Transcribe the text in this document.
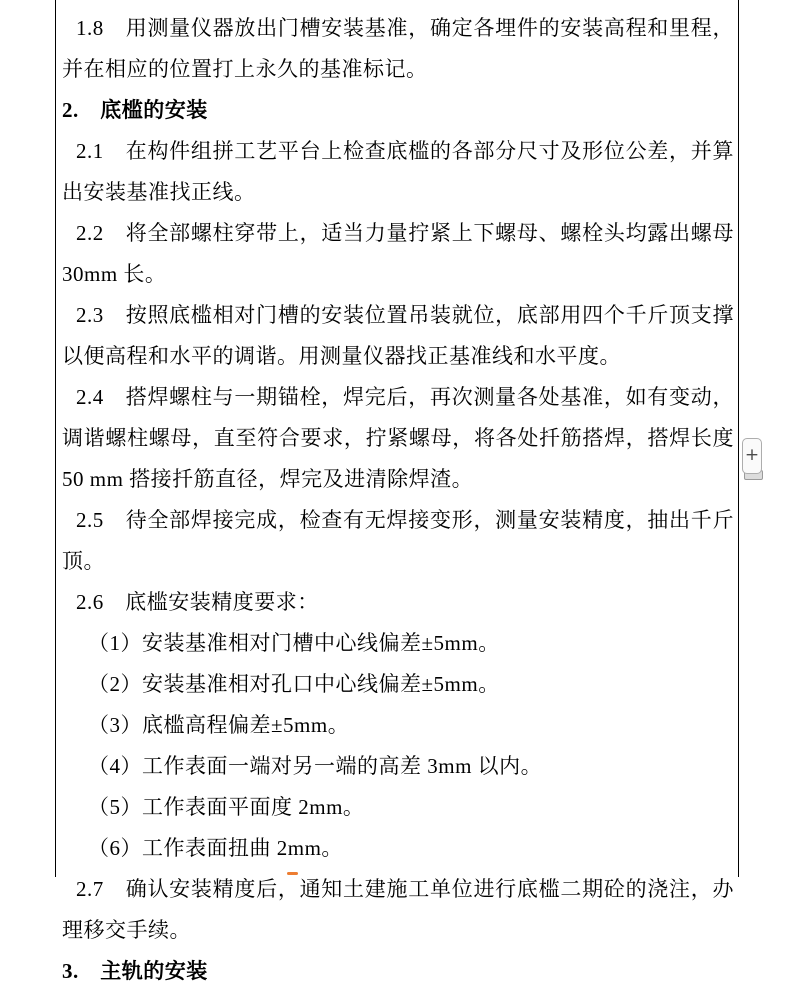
1.8　用测量仪器放出门槽安装基准，确定各埋件的安装高程和里程，并在相应的位置打上永久的基准标记。

2.　底槛的安装

2.1　在构件组拼工艺平台上检查底槛的各部分尺寸及形位公差，并算出安装基准找正线。

2.2　将全部螺柱穿带上，适当力量拧紧上下螺母、螺栓头均露出螺母 30mm 长。

2.3　按照底槛相对门槽的安装位置吊装就位，底部用四个千斤顶支撑以便高程和水平的调谐。用测量仪器找正基准线和水平度。

2.4　搭焊螺柱与一期锚栓，焊完后，再次测量各处基准，如有变动，调谐螺柱螺母，直至符合要求，拧紧螺母，将各处扦筋搭焊，搭焊长度 50 mm 搭接扦筋直径，焊完及进清除焊渣。

2.5　待全部焊接完成，检查有无焊接变形，测量安装精度，抽出千斤顶。

2.6　底槛安装精度要求：

（1）安装基准相对门槽中心线偏差±5mm。

（2）安装基准相对孔口中心线偏差±5mm。

（3）底槛高程偏差±5mm。

（4）工作表面一端对另一端的高差 3mm 以内。

（5）工作表面平面度 2mm。

（6）工作表面扭曲 2mm。

2.7　确认安装精度后，通知土建施工单位进行底槛二期砼的浇注，办理移交手续。

3.　主轨的安装

+
